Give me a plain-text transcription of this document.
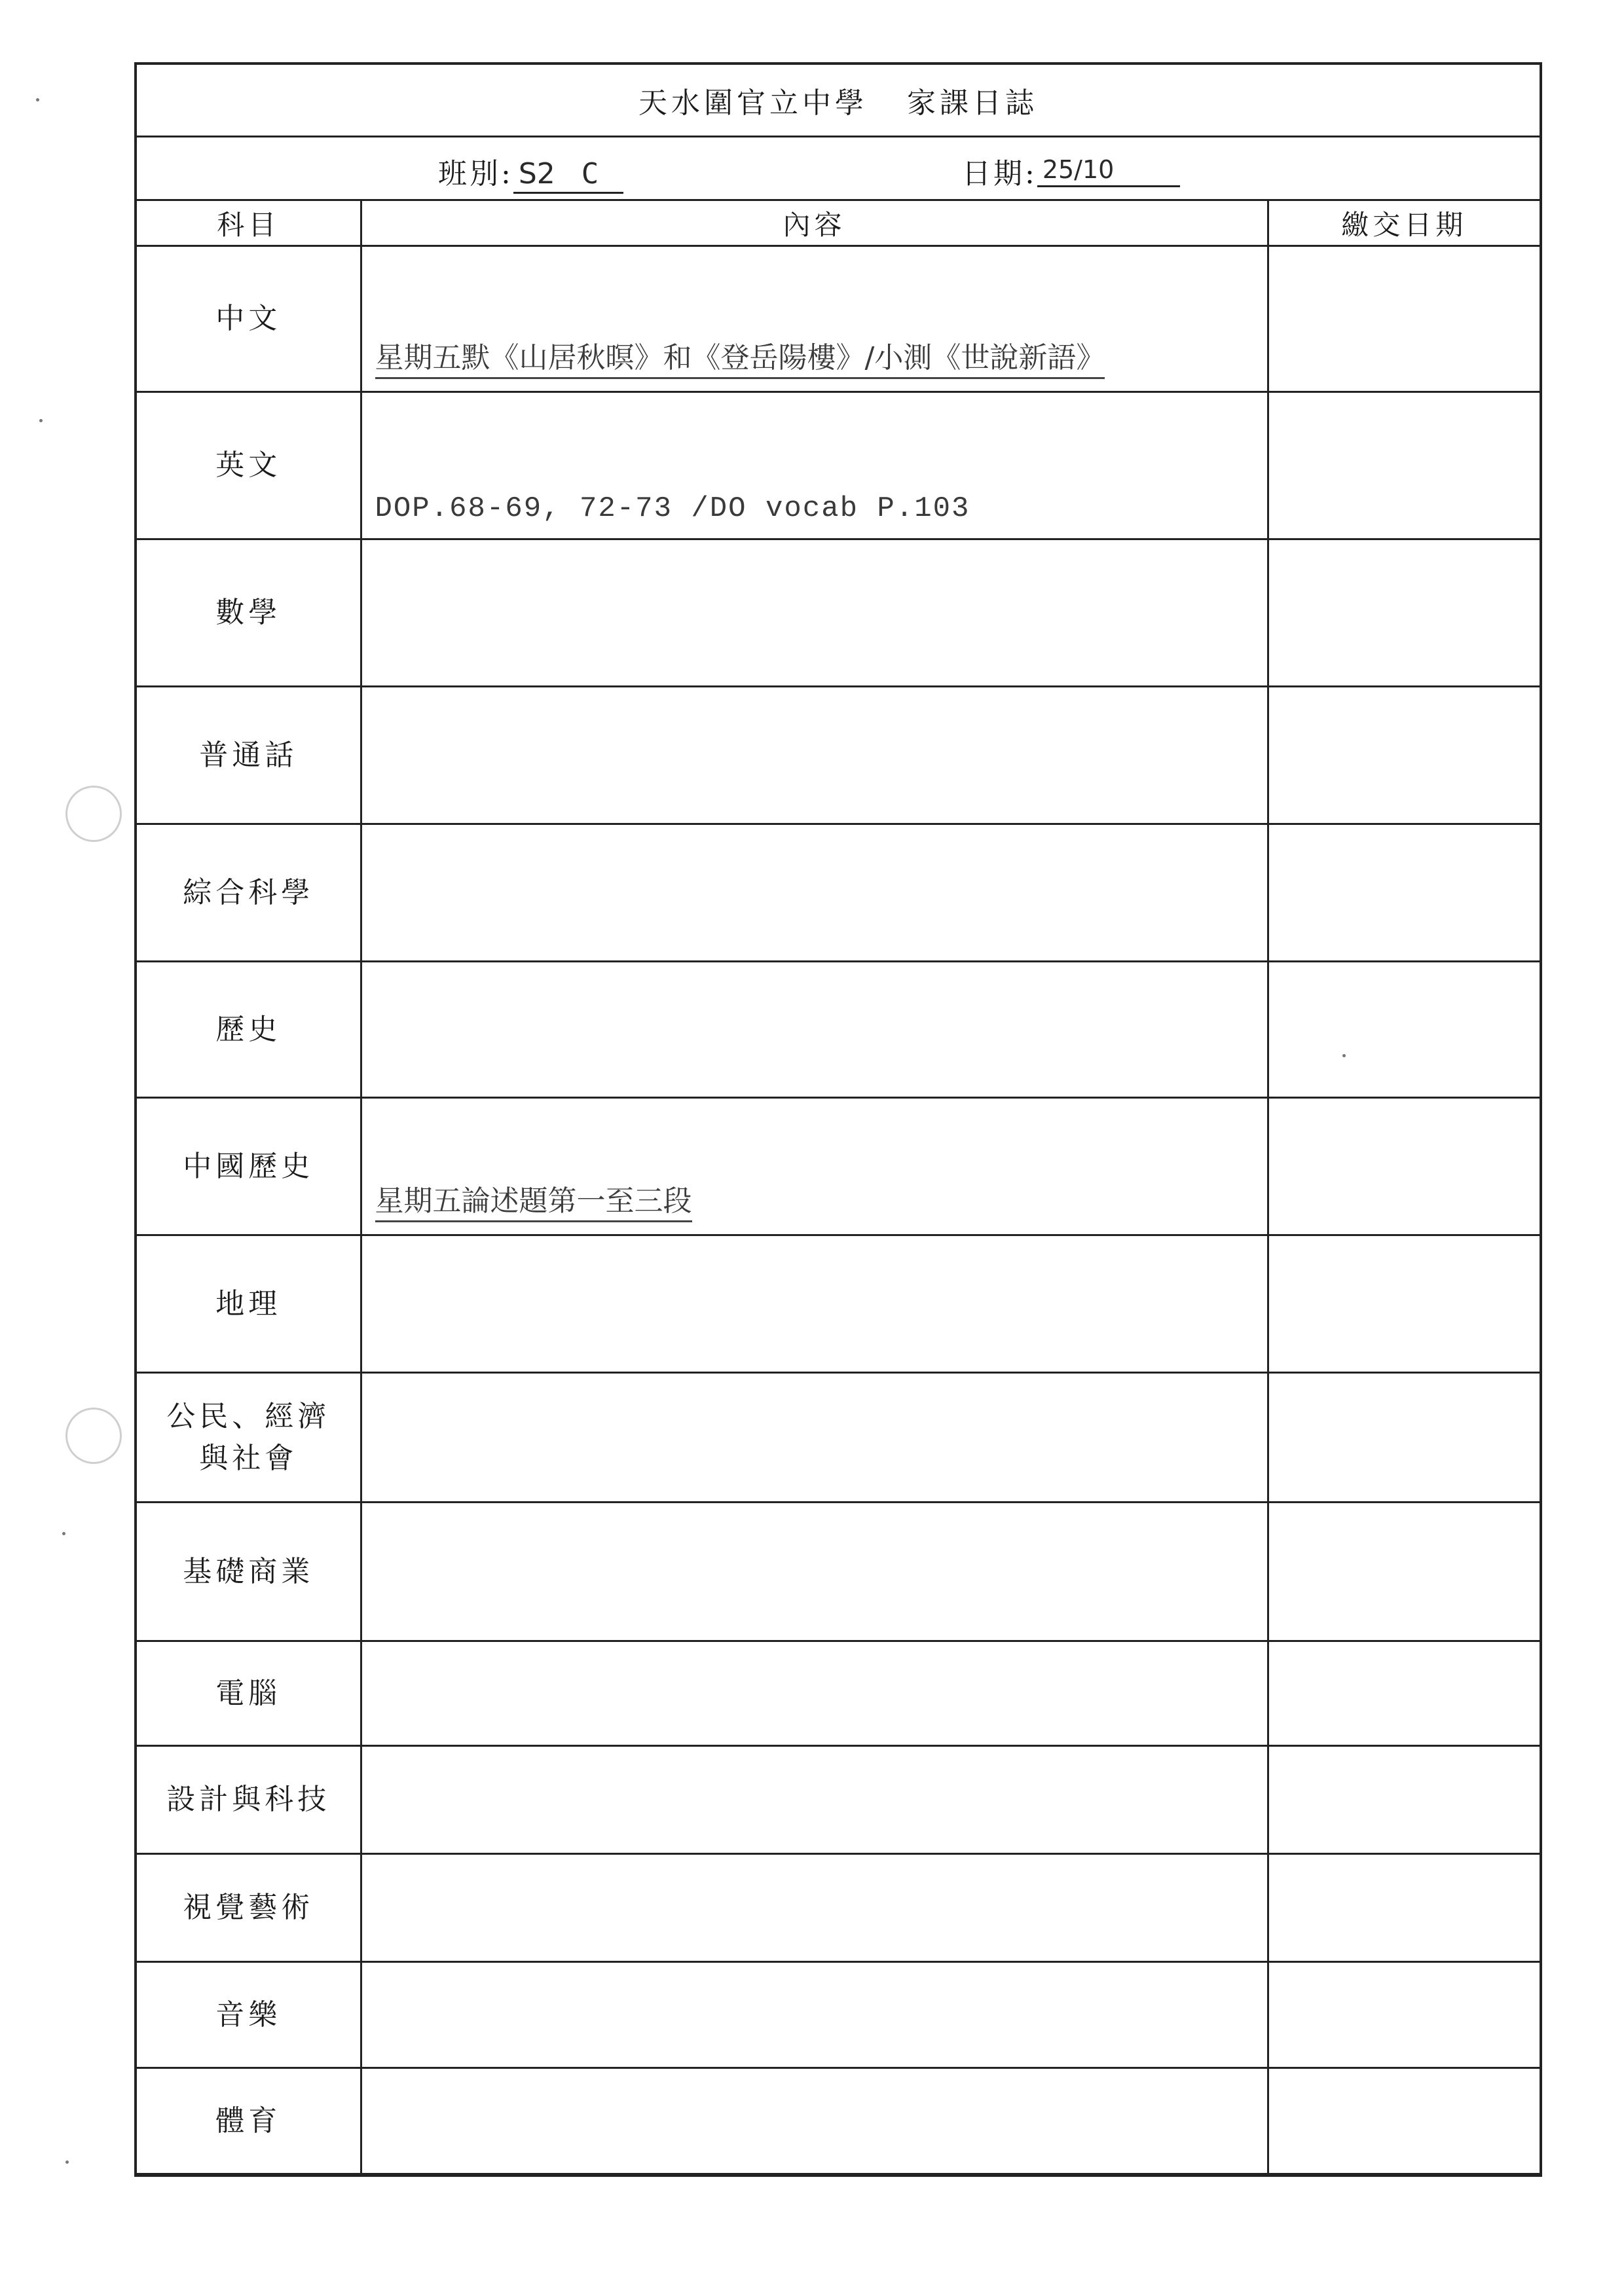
天水圍官立中學 家課日誌
班別: S2 C	日期: 25/10
科目	內容	繳交日期
中文	星期五默《山居秋暝》和《登岳陽樓》/小測《世說新語》	
英文	DOP.68-69, 72-73 /DO vocab P.103	
數學		
普通話		
綜合科學		
歷史		
中國歷史	星期五論述題第一至三段	
地理		

公民、經濟
與社會		

基礎商業		
電腦		
設計與科技		
視覺藝術		
音樂		
體育		
